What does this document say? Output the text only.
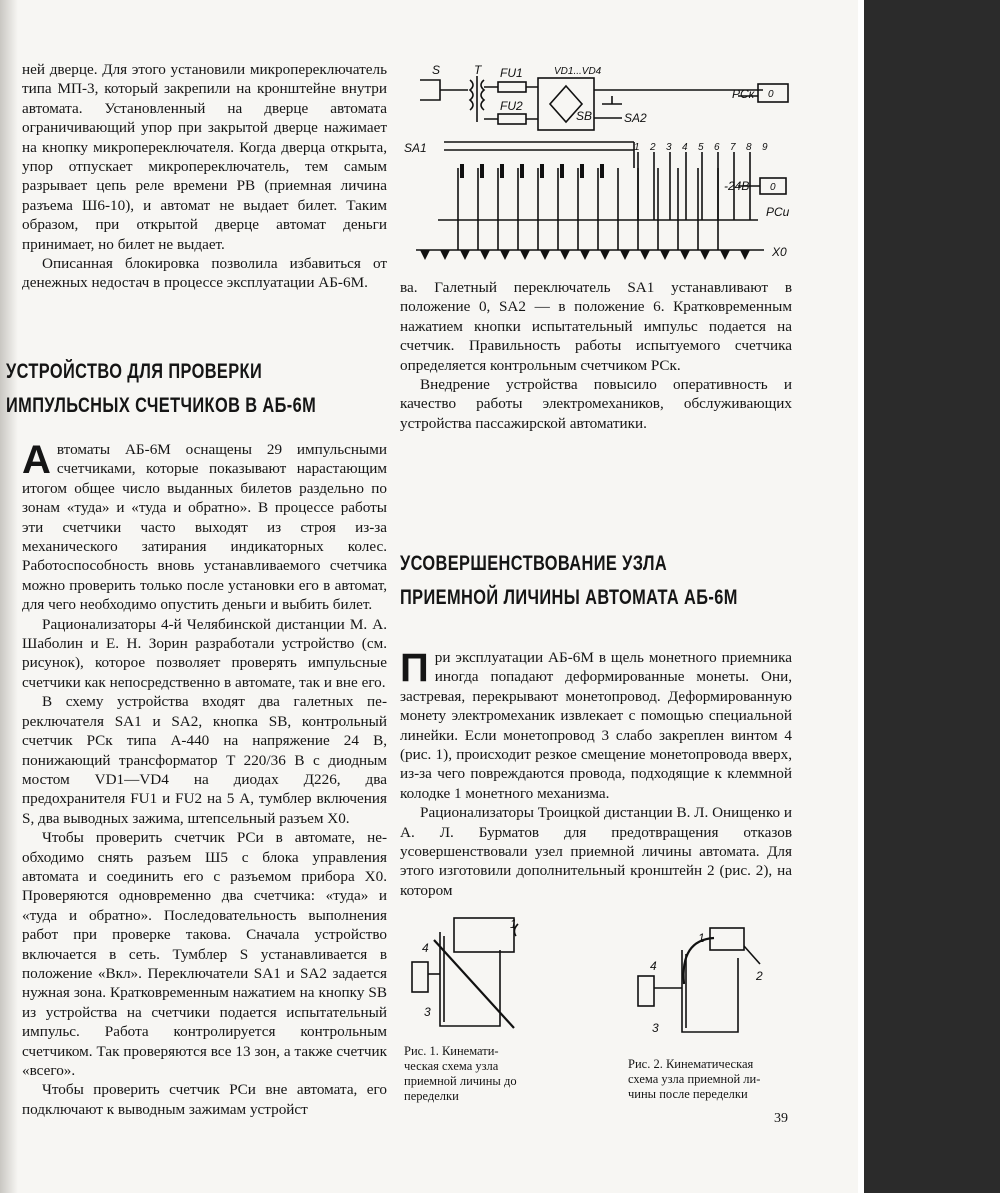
ней дверце. Для этого установили микропереключатель типа МП-3, который закрепили на кронштейне внутри автомата. Установленный на дверце автомата ограничивающий упор при закрытой дверце нажимает на кнопку микропереключателя. Когда дверца открыта, упор отпускает микропереключатель, тем самым разрывает цепь реле времени РВ (приемная личина разъема Ш6-10), и автомат не выдает билет. Таким образом, при открытой дверце автомат деньги принимает, но билет не выдает.

Описанная блокировка позволила избавиться от денежных недостач в процессе эксплуатации АБ-6М.

УСТРОЙСТВО ДЛЯ ПРОВЕРКИ
ИМПУЛЬСНЫХ СЧЕТЧИКОВ В АБ-6М

Автоматы АБ-6М оснащены 29 импульсными счетчиками, которые показывают нарастающим итогом общее число выданных билетов раздельно по зонам «туда» и «туда и обратно». В процессе работы эти счетчики часто выходят из строя из-за механического затирания индикаторных колес. Работоспособность вновь устанавливаемого счетчика можно проверить только после установки его в автомат, для чего необходимо опустить деньги и выбить билет.

Рационализаторы 4-й Челябинской дистанции М. А. Шаболин и Е. Н. Зорин разработали устройство (см. рисунок), которое позволяет проверять импульсные счетчики как непосредственно в автомате, так и вне его.

В схему устройства входят два галетных переключателя SA1 и SA2, кнопка SB, контрольный счетчик PCк типа А-440 на напряжение 24 В, понижающий трансформатор T 220/36 В с диодным мостом VD1—VD4 на диодах Д226, два предохранителя FU1 и FU2 на 5 А, тумблер включения S, два выводных зажима, штепсельный разъем X0.

Чтобы проверить счетчик PCи в автомате, необходимо снять разъем Ш5 с блока управления автомата и соединить его с разъемом прибора X0. Проверяются одновременно два счетчика: «туда» и «туда и обратно». Последовательность выполнения работ при проверке такова. Сначала устройство включается в сеть. Тумблер S устанавливается в положение «Вкл». Переключатели SA1 и SA2 задается нужная зона. Кратковременным нажатием на кнопку SB из устройства на счетчики подается испытательный импульс. Работа контролируется контрольным счетчиком. Так проверяются все 13 зон, а также счетчик «всего».

Чтобы проверить счетчик PCи вне автомата, его подключают к выводным зажимам устройст

S	T FU1
FU2
VD1...VD4
SB	SA2
SA1
PCк 0
-24В 0
PCи
X0
1 2 3 4 5 6 7 8 9

ва. Галетный переключатель SA1 устанавливают в положение 0, SA2 — в положение 6. Кратковременным нажатием кнопки испытательный импульс подается на счетчик. Правильность работы испытуемого счетчика определяется контрольным счетчиком PCк.

Внедрение устройства повысило оперативность и качество работы электромехаников, обслуживающих устройства пассажирской автоматики.

УСОВЕРШЕНСТВОВАНИЕ УЗЛА
ПРИЕМНОЙ ЛИЧИНЫ АВТОМАТА АБ-6М

При эксплуатации АБ-6М в щель монетного приемника иногда попадают деформированные монеты. Они, застревая, перекрывают монетопровод. Деформированную монету электромеханик извлекает с помощью специальной линейки. Если монетопровод 3 слабо закреплен винтом 4 (рис. 1), происходит резкое смещение монетопровода вверх, из-за чего повреждаются провода, подходящие к клеммной колодке 1 монетного механизма.

Рационализаторы Троицкой дистанции В. Л. Онищенко и А. Л. Бурматов для предотвращения отказов усовершенствовали узел приемной личины автомата. Для этого изготовили дополнительный кронштейн 2 (рис. 2), на котором

1
4
3
Рис. 1. Кинематическая схема узла приемной личины до переделки
1
2
4
3
Рис. 2. Кинематическая схема узла приемной личины после переделки
39
